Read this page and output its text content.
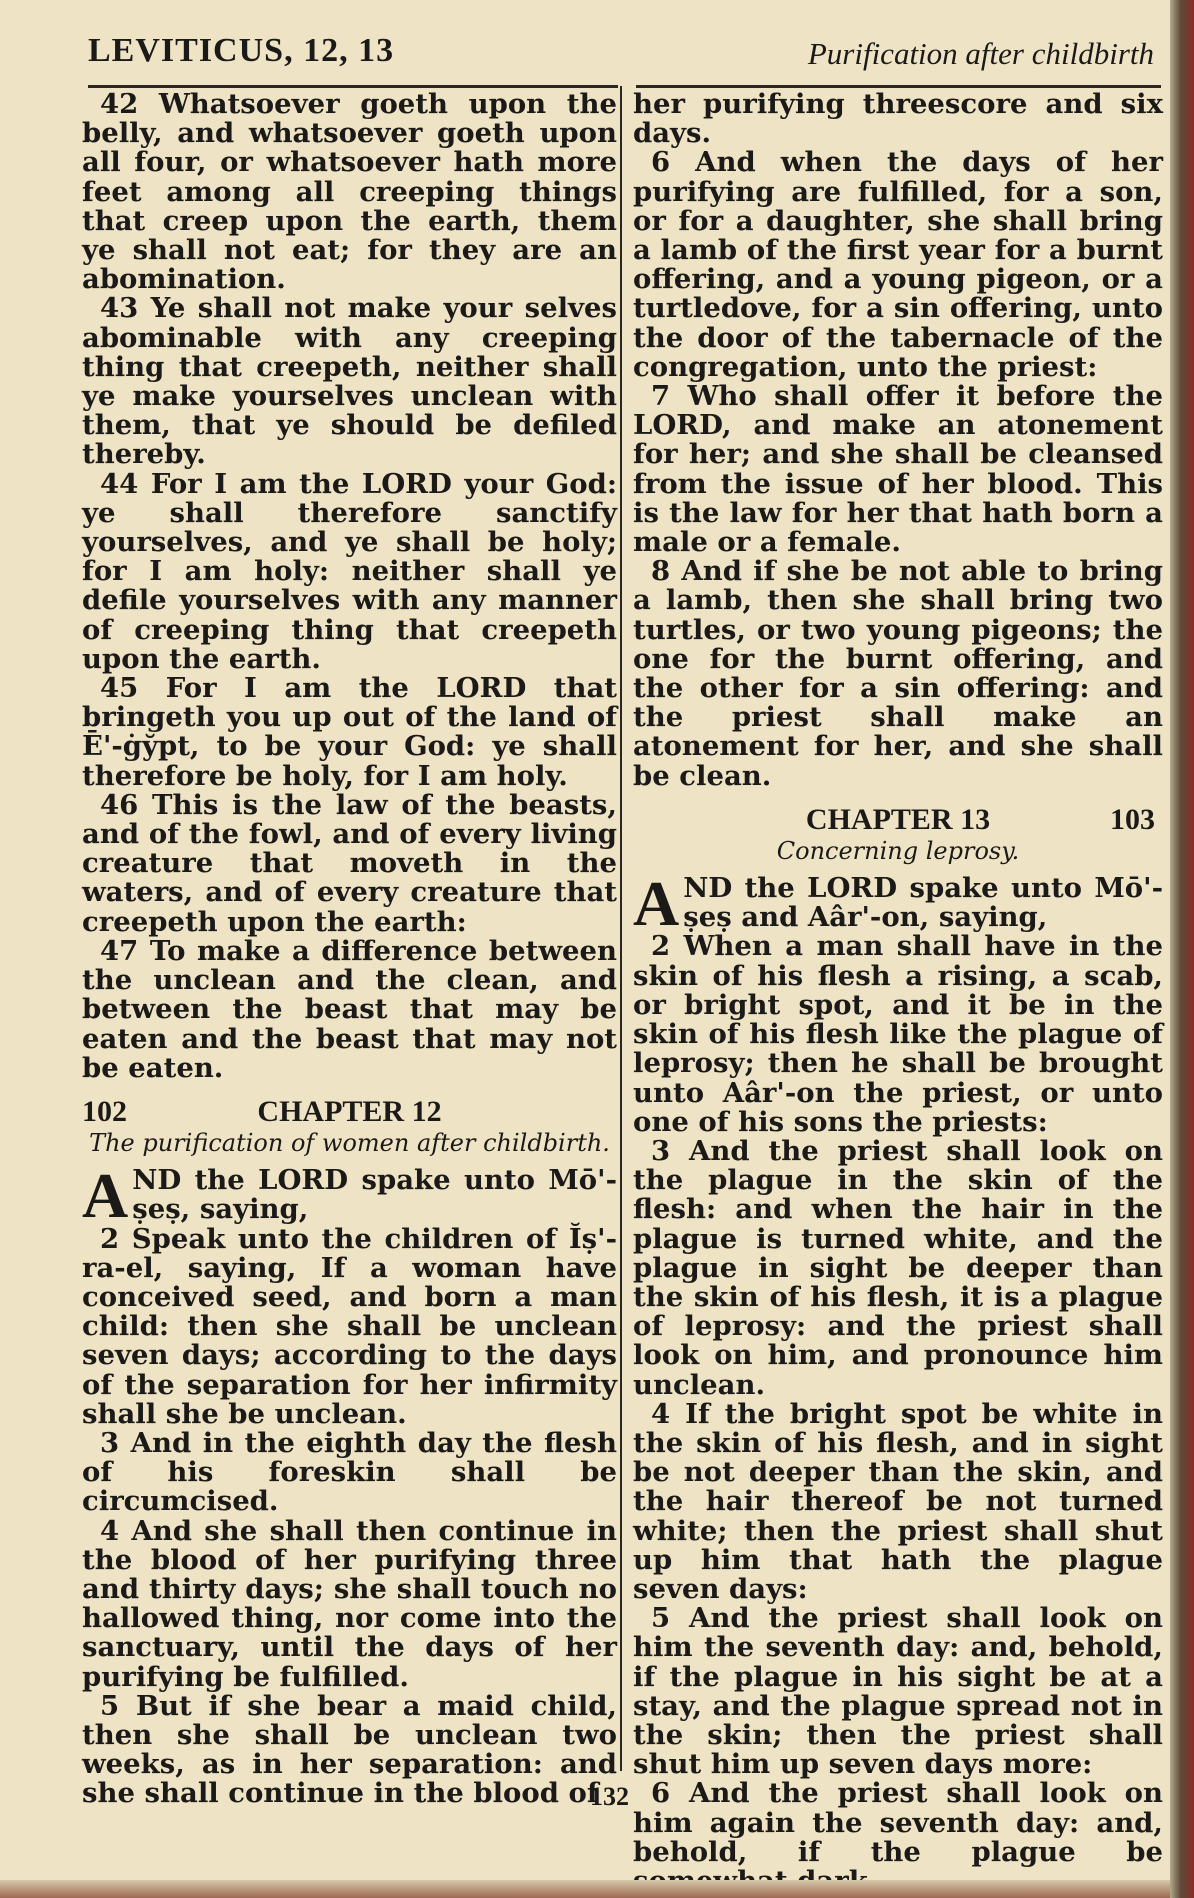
LEVITICUS, 12, 13	Purification after childbirth

42 Whatsoever goeth upon the belly, and whatsoever goeth upon all four, or whatsoever hath more feet among all creeping things that creep upon the earth, them ye shall not eat; for they are an abomination.

43 Ye shall not make your selves abominable with any creeping thing that creepeth, neither shall ye make yourselves unclean with them, that ye should be defiled thereby.

44 For I am the LORD your God: ye shall therefore sanctify yourselves, and ye shall be holy; for I am holy: neither shall ye defile yourselves with any manner of creeping thing that creepeth upon the earth.

45 For I am the LORD that bringeth you up out of the land of Ē'-ġy̆pt, to be your God: ye shall therefore be holy, for I am holy.

46 This is the law of the beasts, and of the fowl, and of every living creature that moveth in the waters, and of every creature that creepeth upon the earth:

47 To make a difference between the unclean and the clean, and between the beast that may be eaten and the beast that may not be eaten.

102	CHAPTER 12

The purification of women after childbirth.

A ND the LORD spake unto Mō'-ṣeṣ, saying,

2 Speak unto the children of Ĭṣ'-ra-el, saying, If a woman have conceived seed, and born a man child: then she shall be unclean seven days; according to the days of the separation for her infirmity shall she be unclean.

3 And in the eighth day the flesh of his foreskin shall be circumcised.

4 And she shall then continue in the blood of her purifying three and thirty days; she shall touch no hallowed thing, nor come into the sanctuary, until the days of her purifying be fulfilled.

5 But if she bear a maid child, then she shall be unclean two weeks, as in her separation: and she shall continue in the blood of

her purifying threescore and six days.

6 And when the days of her purifying are fulfilled, for a son, or for a daughter, she shall bring a lamb of the first year for a burnt offering, and a young pigeon, or a turtledove, for a sin offering, unto the door of the tabernacle of the congregation, unto the priest:

7 Who shall offer it before the LORD, and make an atonement for her; and she shall be cleansed from the issue of her blood. This is the law for her that hath born a male or a female.

8 And if she be not able to bring a lamb, then she shall bring two turtles, or two young pigeons; the one for the burnt offering, and the other for a sin offering: and the priest shall make an atonement for her, and she shall be clean.

CHAPTER 13	103

Concerning leprosy.

A ND the LORD spake unto Mō'-ṣeṣ and Aâr'-on, saying,

2 When a man shall have in the skin of his flesh a rising, a scab, or bright spot, and it be in the skin of his flesh like the plague of leprosy; then he shall be brought unto Aâr'-on the priest, or unto one of his sons the priests:

3 And the priest shall look on the plague in the skin of the flesh: and when the hair in the plague is turned white, and the plague in sight be deeper than the skin of his flesh, it is a plague of leprosy: and the priest shall look on him, and pronounce him unclean.

4 If the bright spot be white in the skin of his flesh, and in sight be not deeper than the skin, and the hair thereof be not turned white; then the priest shall shut up him that hath the plague seven days:

5 And the priest shall look on him the seventh day: and, behold, if the plague in his sight be at a stay, and the plague spread not in the skin; then the priest shall shut him up seven days more:

6 And the priest shall look on him again the seventh day: and, behold, if the plague be

132
